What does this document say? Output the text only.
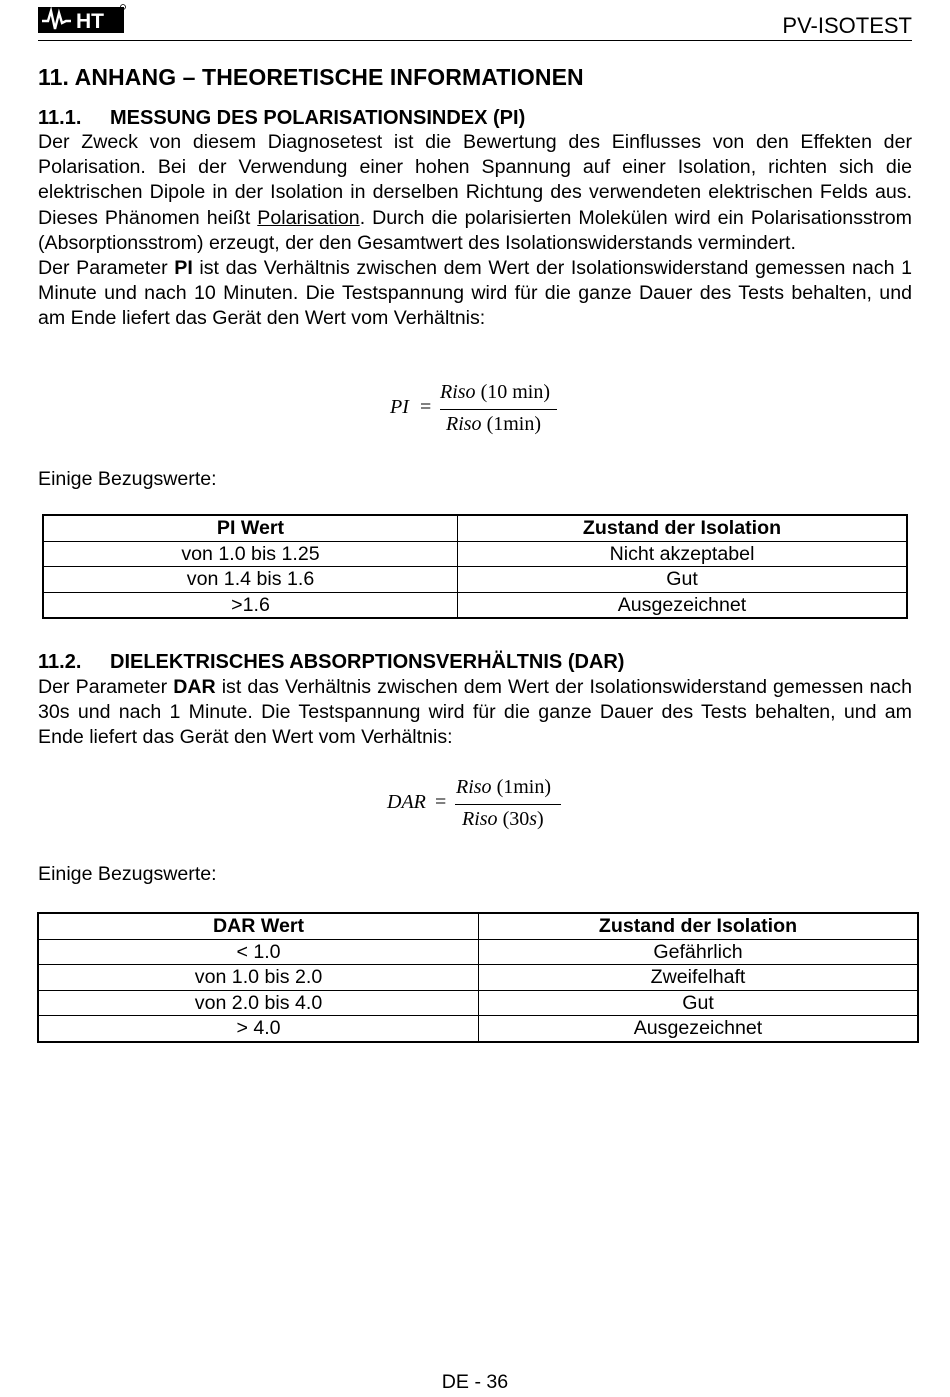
HT	PV-ISOTEST
11. ANHANG – THEORETISCHE INFORMATIONEN
11.1. MESSUNG DES POLARISATIONSINDEX (PI)

Der Zweck von diesem Diagnosetest ist die Bewertung des Einflusses von den Effekten der Polarisation. Bei der Verwendung einer hohen Spannung auf einer Isolation, richten sich die elektrischen Dipole in der Isolation in derselben Richtung des verwendeten elektrischen Felds aus. Dieses Phänomen heißt Polarisation. Durch die polarisierten Molekülen wird ein Polarisationsstrom (Absorptionsstrom) erzeugt, der den Gesamtwert des Isolationswiderstands vermindert.

Der Parameter PI ist das Verhältnis zwischen dem Wert der Isolationswiderstand gemessen nach 1 Minute und nach 10 Minuten. Die Testspannung wird für die ganze Dauer des Tests behalten, und am Ende liefert das Gerät den Wert vom Verhältnis:

PI =
Riso (10 min)
Riso (1min)
Einige Bezugswerte:
PI Wert	Zustand der Isolation
von 1.0 bis 1.25	Nicht akzeptabel
von 1.4 bis 1.6	Gut
>1.6	Ausgezeichnet
11.2. DIELEKTRISCHES ABSORPTIONSVERHÄLTNIS (DAR)

Der Parameter DAR ist das Verhältnis zwischen dem Wert der Isolationswiderstand gemessen nach 30s und nach 1 Minute. Die Testspannung wird für die ganze Dauer des Tests behalten, und am Ende liefert das Gerät den Wert vom Verhältnis:

DAR =
Riso (1min)
Riso (30s)
Einige Bezugswerte:
DAR Wert	Zustand der Isolation
< 1.0	Gefährlich
von 1.0 bis 2.0	Zweifelhaft
von 2.0 bis 4.0	Gut
> 4.0	Ausgezeichnet
DE - 36
